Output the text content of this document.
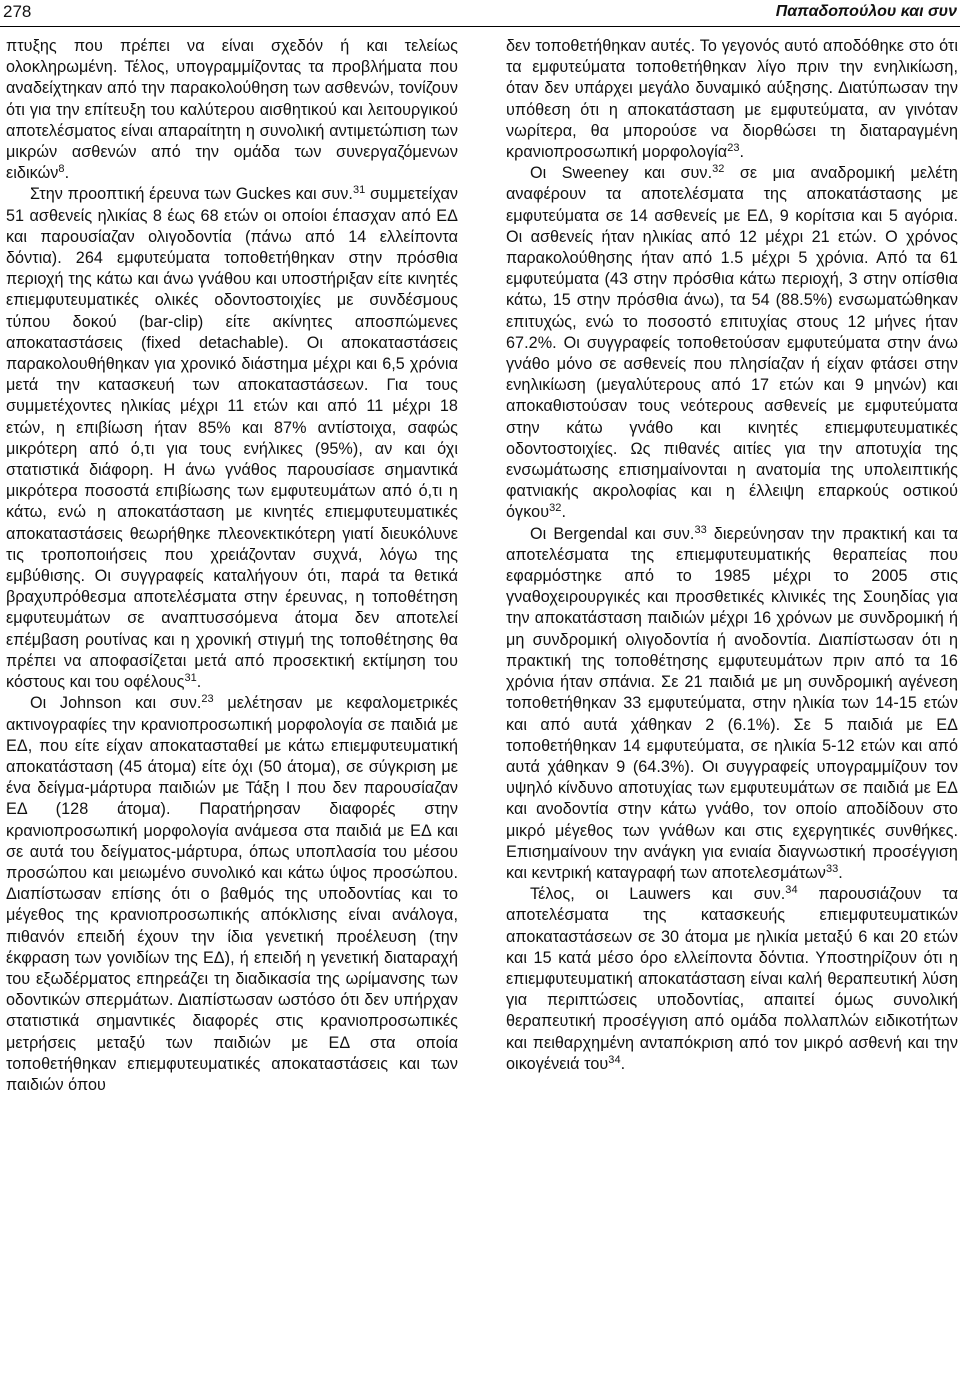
278	Παπαδοπούλου και συν

πτυξης που πρέπει να είναι σχεδόν ή και τελείως ολοκληρωμένη. Τέλος, υπογραμμίζοντας τα προβλήματα που αναδείχτηκαν από την παρακολούθηση των ασθενών, τονίζουν ότι για την επίτευξη του καλύτερου αισθητικού και λειτουργικού αποτελέσματος είναι απαραίτητη η συνολική αντιμετώπιση των μικρών ασθενών από την ομάδα των συνεργαζόμενων ειδικών$^8$.

Στην προοπτική έρευνα των Guckes και συν.$^{31}$ συμμετείχαν 51 ασθενείς ηλικίας 8 έως 68 ετών οι οποίοι έπασχαν από ΕΔ και παρουσίαζαν ολιγοδοντία (πάνω από 14 ελλείποντα δόντια). 264 εμφυτεύματα τοποθετήθηκαν στην πρόσθια περιοχή της κάτω και άνω γνάθου και υποστήριξαν είτε κινητές επιεμφυτευματικές ολικές οδοντοστοιχίες με συνδέσμους τύπου δοκού (bar-clip) είτε ακίνητες αποσπώμενες αποκαταστάσεις (fixed detachable). Οι αποκαταστάσεις παρακολουθήθηκαν για χρονικό διάστημα μέχρι και 6,5 χρόνια μετά την κατασκευή των αποκαταστάσεων. Για τους συμμετέχοντες ηλικίας μέχρι 11 ετών και από 11 μέχρι 18 ετών, η επιβίωση ήταν 85% και 87% αντίστοιχα, σαφώς μικρότερη από ό,τι για τους ενήλικες (95%), αν και όχι στατιστικά διάφορη. Η άνω γνάθος παρουσίασε σημαντικά μικρότερα ποσοστά επιβίωσης των εμφυτευμάτων από ό,τι η κάτω, ενώ η αποκατάσταση με κινητές επιεμφυτευματικές αποκαταστάσεις θεωρήθηκε πλεονεκτικότερη γιατί διευκόλυνε τις τροποποιήσεις που χρειάζονταν συχνά, λόγω της εμβύθισης. Οι συγγραφείς καταλήγουν ότι, παρά τα θετικά βραχυπρόθεσμα αποτελέσματα στην έρευνας, η τοποθέτηση εμφυτευμάτων σε αναπτυσσόμενα άτομα δεν αποτελεί επέμβαση ρουτίνας και η χρονική στιγμή της τοποθέτησης θα πρέπει να αποφασίζεται μετά από προσεκτική εκτίμηση του κόστους και του οφέλους$^{31}$.

Οι Johnson και συν.$^{23}$ μελέτησαν με κεφαλομετρικές ακτινογραφίες την κρανιοπροσωπική μορφολογία σε παιδιά με ΕΔ, που είτε είχαν αποκατασταθεί με κάτω επιεμφυτευματική αποκατάσταση (45 άτομα) είτε όχι (50 άτομα), σε σύγκριση με ένα δείγμα-μάρτυρα παιδιών με Τάξη Ι που δεν παρουσίαζαν ΕΔ (128 άτομα). Παρατήρησαν διαφορές στην κρανιοπροσωπική μορφολογία ανάμεσα στα παιδιά με ΕΔ και σε αυτά του δείγματος-μάρτυρα, όπως υποπλασία του μέσου προσώπου και μειωμένο συνολικό και κάτω ύψος προσώπου. Διαπίστωσαν επίσης ότι ο βαθμός της υποδοντίας και το μέγεθος της κρανιοπροσωπικής απόκλισης είναι ανάλογα, πιθανόν επειδή έχουν την ίδια γενετική προέλευση (την έκφραση των γονιδίων της ΕΔ), ή επειδή η γενετική διαταραχή του εξωδέρματος επηρεάζει τη διαδικασία της ωρίμανσης των οδοντικών σπερμάτων. Διαπίστωσαν ωστόσο ότι δεν υπήρχαν στατιστικά σημαντικές διαφορές στις κρανιοπροσωπικές μετρήσεις μεταξύ των παιδιών με ΕΔ στα οποία τοποθετήθηκαν επιεμφυτευματικές αποκαταστάσεις και των παιδιών όπου

δεν τοποθετήθηκαν αυτές. Το γεγονός αυτό αποδόθηκε στο ότι τα εμφυτεύματα τοποθετήθηκαν λίγο πριν την ενηλικίωση, όταν δεν υπάρχει μεγάλο δυναμικό αύξησης. Διατύπωσαν την υπόθεση ότι η αποκατάσταση με εμφυτεύματα, αν γινόταν νωρίτερα, θα μπορούσε να διορθώσει τη διαταραγμένη κρανιοπροσωπική μορφολογία$^{23}$.

Οι Sweeney και συν.$^{32}$ σε μια αναδρομική μελέτη αναφέρουν τα αποτελέσματα της αποκατάστασης με εμφυτεύματα σε 14 ασθενείς με ΕΔ, 9 κορίτσια και 5 αγόρια. Οι ασθενείς ήταν ηλικίας από 12 μέχρι 21 ετών. Ο χρόνος παρακολούθησης ήταν από 1.5 μέχρι 5 χρόνια. Από τα 61 εμφυτεύματα (43 στην πρόσθια κάτω περιοχή, 3 στην οπίσθια κάτω, 15 στην πρόσθια άνω), τα 54 (88.5%) ενσωματώθηκαν επιτυχώς, ενώ το ποσοστό επιτυχίας στους 12 μήνες ήταν 67.2%. Οι συγγραφείς τοποθετούσαν εμφυτεύματα στην άνω γνάθο μόνο σε ασθενείς που πλησίαζαν ή είχαν φτάσει στην ενηλικίωση (μεγαλύτερους από 17 ετών και 9 μηνών) και αποκαθιστούσαν τους νεότερους ασθενείς με εμφυτεύματα στην κάτω γνάθο και κινητές επιεμφυτευματικές οδοντοστοιχίες. Ως πιθανές αιτίες για την αποτυχία της ενσωμάτωσης επισημαίνονται η ανατομία της υπολειπτικής φατνιακής ακρολοφίας και η έλλειψη επαρκούς οστικού όγκου$^{32}$.

Οι Bergendal και συν.$^{33}$ διερεύνησαν την πρακτική και τα αποτελέσματα της επιεμφυτευματικής θεραπείας που εφαρμόστηκε από το 1985 μέχρι το 2005 στις γναθοχειρουργικές και προσθετικές κλινικές της Σουηδίας για την αποκατάσταση παιδιών μέχρι 16 χρόνων με συνδρομική ή μη συνδρομική ολιγοδοντία ή ανοδοντία. Διαπίστωσαν ότι η πρακτική της τοποθέτησης εμφυτευμάτων πριν από τα 16 χρόνια ήταν σπάνια. Σε 21 παιδιά με μη συνδρομική αγένεση τοποθετήθηκαν 33 εμφυτεύματα, στην ηλικία των 14-15 ετών και από αυτά χάθηκαν 2 (6.1%). Σε 5 παιδιά με ΕΔ τοποθετήθηκαν 14 εμφυτεύματα, σε ηλικία 5-12 ετών και από αυτά χάθηκαν 9 (64.3%). Οι συγγραφείς υπογραμμίζουν τον υψηλό κίνδυνο αποτυχίας των εμφυτευμάτων σε παιδιά με ΕΔ και ανοδοντία στην κάτω γνάθο, τον οποίο αποδίδουν στο μικρό μέγεθος των γνάθων και στις εχεργητικές συνθήκες. Επισημαίνουν την ανάγκη για ενιαία διαγνωστική προσέγγιση και κεντρική καταγραφή των αποτελεσμάτων$^{33}$.

Τέλος, οι Lauwers και συν.$^{34}$ παρουσιάζουν τα αποτελέσματα της κατασκευής επιεμφυτευματικών αποκαταστάσεων σε 30 άτομα με ηλικία μεταξύ 6 και 20 ετών και 15 κατά μέσο όρο ελλείποντα δόντια. Υποστηρίζουν ότι η επιεμφυτευματική αποκατάσταση είναι καλή θεραπευτική λύση για περιπτώσεις υποδοντίας, απαιτεί όμως συνολική θεραπευτική προσέγγιση από ομάδα πολλαπλών ειδικοτήτων και πειθαρχημένη ανταπόκριση από τον μικρό ασθενή και την οικογένειά του$^{34}$.
